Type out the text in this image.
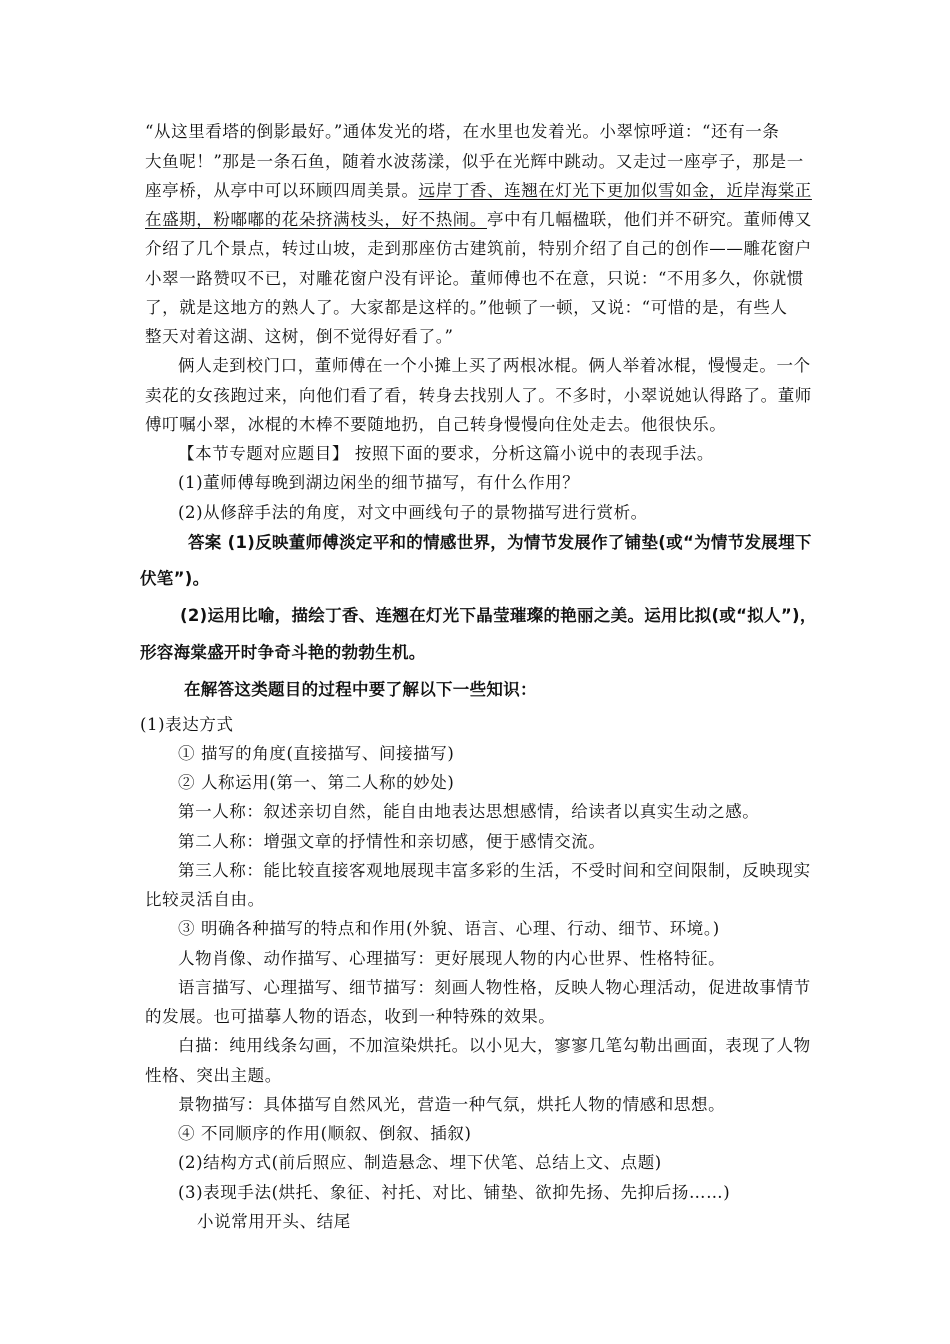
“从这里看塔的倒影最好。”通体发光的塔，在水里也发着光。小翠惊呼道：“还有一条
大鱼呢！”那是一条石鱼，随着水波荡漾，似乎在光辉中跳动。又走过一座亭子，那是一
座亭桥，从亭中可以环顾四周美景。远岸丁香、连翘在灯光下更加似雪如金，近岸海棠正
在盛期，粉嘟嘟的花朵挤满枝头，好不热闹。亭中有几幅楹联，他们并不研究。董师傅又
介绍了几个景点，转过山坡，走到那座仿古建筑前，特别介绍了自己的创作——雕花窗户
小翠一路赞叹不已，对雕花窗户没有评论。董师傅也不在意，只说：“不用多久，你就惯
了，就是这地方的熟人了。大家都是这样的。”他顿了一顿，又说：“可惜的是，有些人
整天对着这湖、这树，倒不觉得好看了。”
俩人走到校门口，董师傅在一个小摊上买了两根冰棍。俩人举着冰棍，慢慢走。一个
卖花的女孩跑过来，向他们看了看，转身去找别人了。不多时，小翠说她认得路了。董师
傅叮嘱小翠，冰棍的木棒不要随地扔，自己转身慢慢向住处走去。他很快乐。
【本节专题对应题目】 按照下面的要求，分析这篇小说中的表现手法。
(1)董师傅每晚到湖边闲坐的细节描写，有什么作用？
(2)从修辞手法的角度，对文中画线句子的景物描写进行赏析。
答案 (1)反映董师傅淡定平和的情感世界，为情节发展作了铺垫(或“为情节发展埋下
伏笔”)。
(2)运用比喻，描绘丁香、连翘在灯光下晶莹璀璨的艳丽之美。运用比拟(或“拟人”)，
形容海棠盛开时争奇斗艳的勃勃生机。
在解答这类题目的过程中要了解以下一些知识：
(1)表达方式
① 描写的角度(直接描写、间接描写)
② 人称运用(第一、第二人称的妙处)
第一人称：叙述亲切自然，能自由地表达思想感情，给读者以真实生动之感。
第二人称：增强文章的抒情性和亲切感，便于感情交流。
第三人称：能比较直接客观地展现丰富多彩的生活，不受时间和空间限制，反映现实
比较灵活自由。
③ 明确各种描写的特点和作用(外貌、语言、心理、行动、细节、环境。)
人物肖像、动作描写、心理描写：更好展现人物的内心世界、性格特征。
语言描写、心理描写、细节描写：刻画人物性格，反映人物心理活动，促进故事情节
的发展。也可描摹人物的语态，收到一种特殊的效果。
白描：纯用线条勾画，不加渲染烘托。以小见大，寥寥几笔勾勒出画面，表现了人物
性格、突出主题。
景物描写：具体描写自然风光，营造一种气氛，烘托人物的情感和思想。
④ 不同顺序的作用(顺叙、倒叙、插叙)
(2)结构方式(前后照应、制造悬念、埋下伏笔、总结上文、点题)
(3)表现手法(烘托、象征、衬托、对比、铺垫、欲抑先扬、先抑后扬……)
小说常用开头、结尾
